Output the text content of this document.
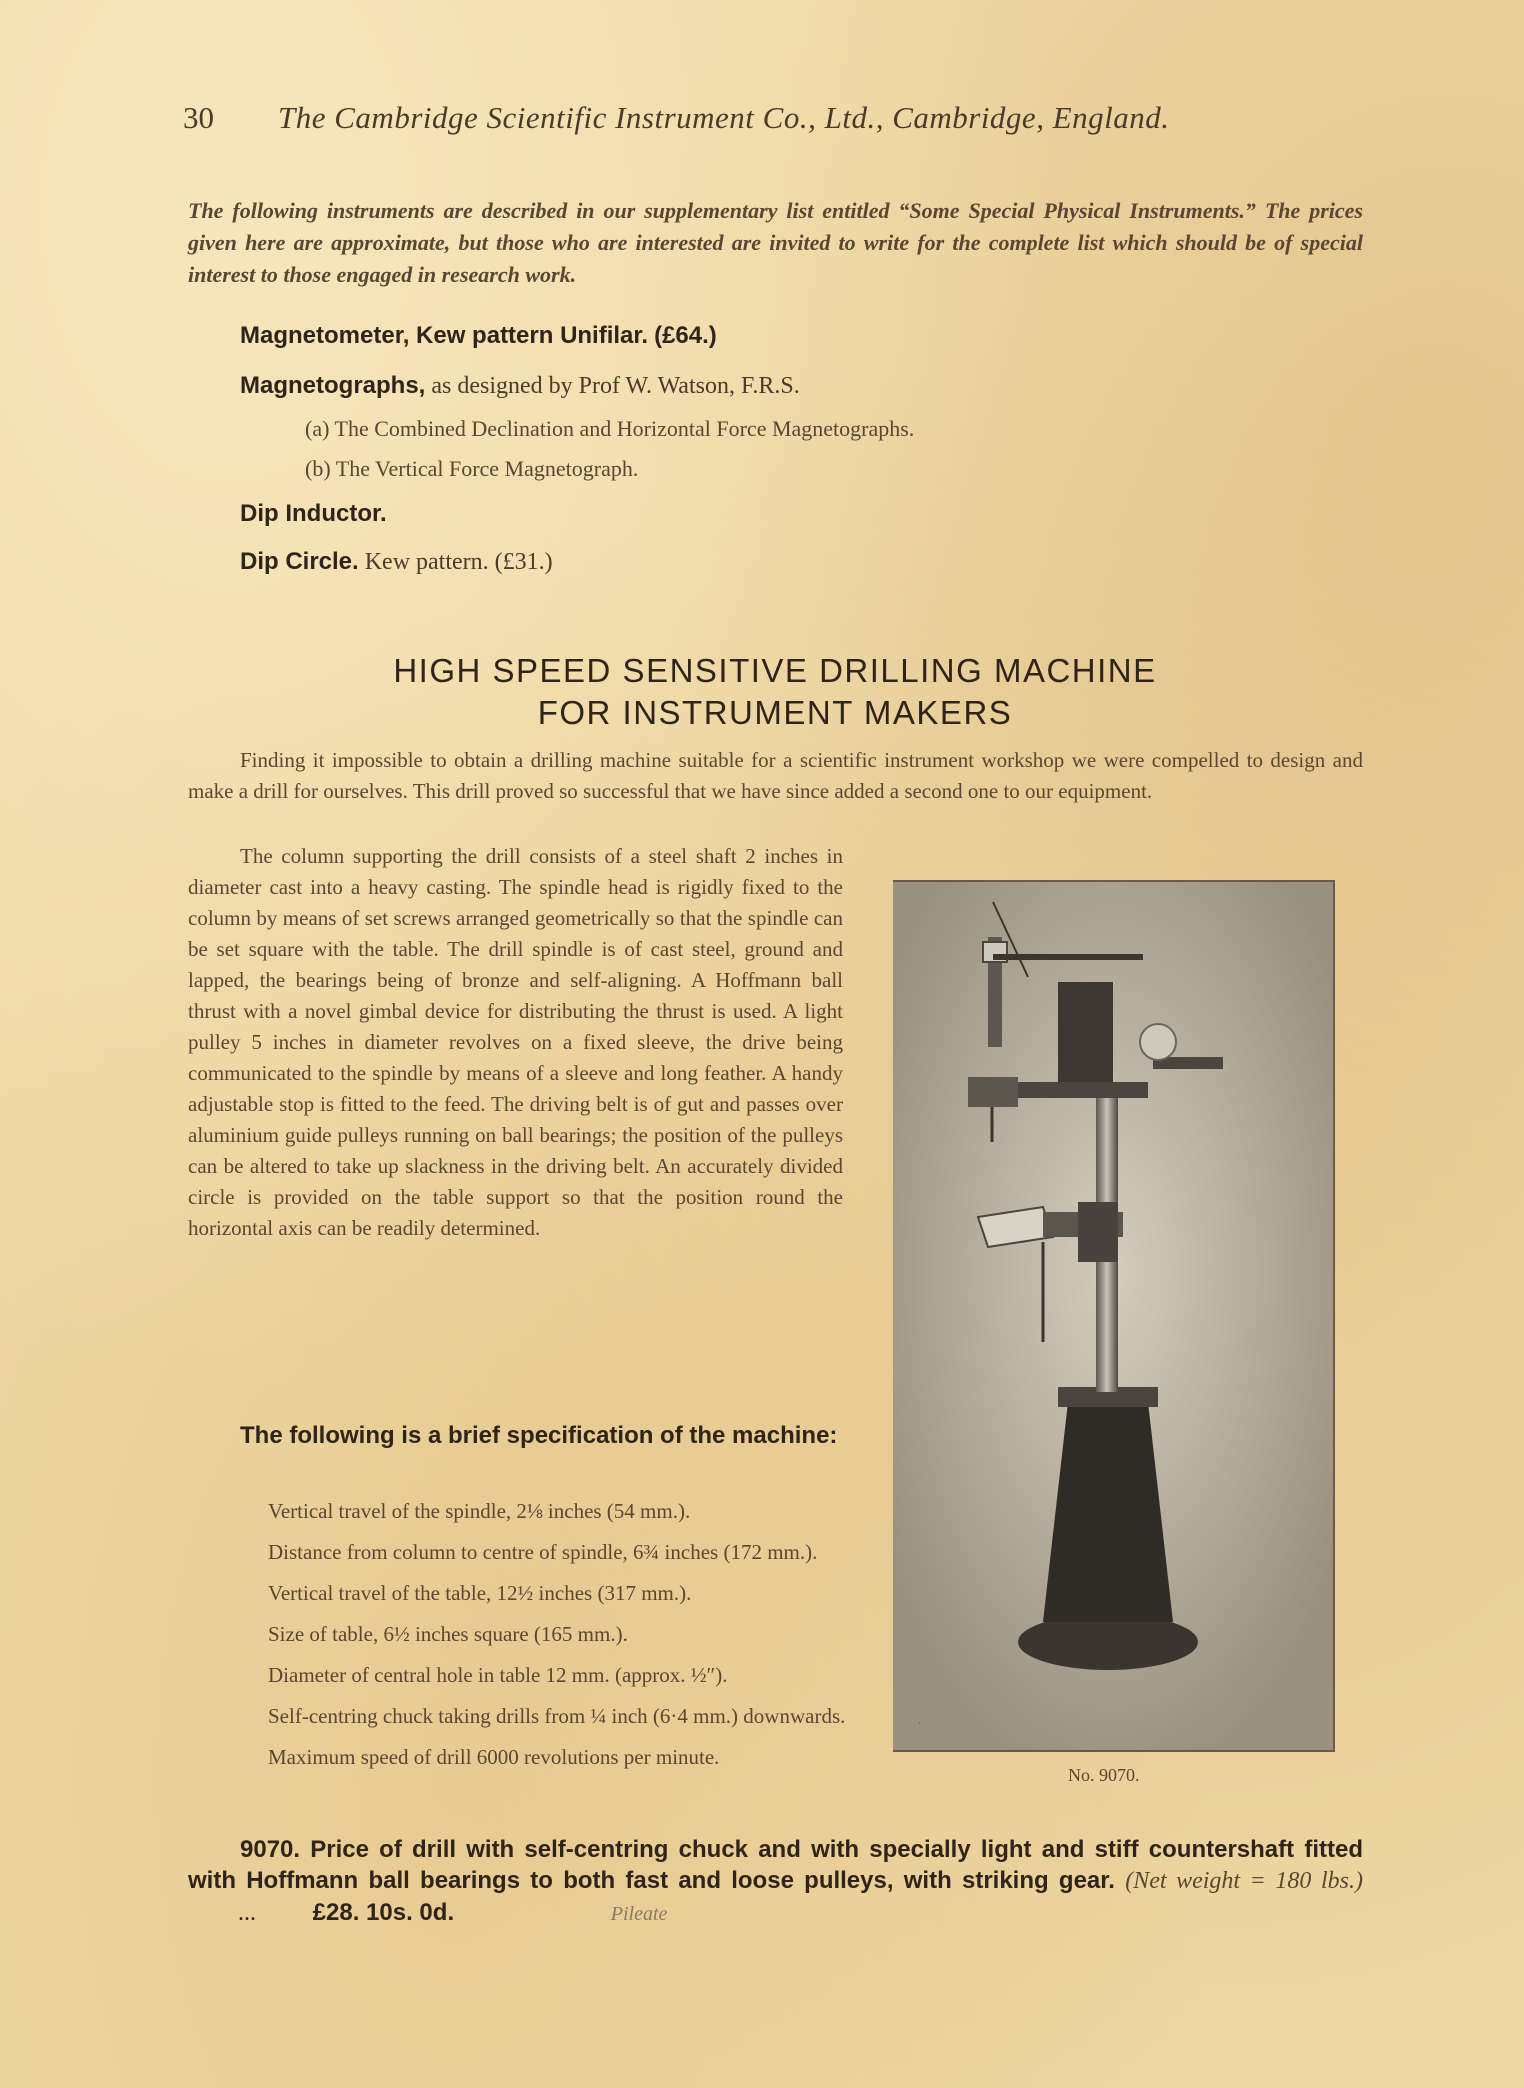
30 The Cambridge Scientific Instrument Co., Ltd., Cambridge, England.
The following instruments are described in our supplementary list entitled “Some Special Physical Instruments.” The prices given here are approximate, but those who are interested are invited to write for the complete list which should be of special interest to those engaged in research work.
Magnetometer, Kew pattern Unifilar. (£64.)
Magnetographs, as designed by Prof W. Watson, F.R.S.
(a) The Combined Declination and Horizontal Force Magnetographs.
(b) The Vertical Force Magnetograph.
Dip Inductor.
Dip Circle. Kew pattern. (£31.)
HIGH SPEED SENSITIVE DRILLING MACHINE
FOR INSTRUMENT MAKERS
Finding it impossible to obtain a drilling machine suitable for a scientific instrument workshop we were compelled to design and make a drill for ourselves. This drill proved so successful that we have since added a second one to our equipment.
The column supporting the drill consists of a steel shaft 2 inches in diameter cast into a heavy casting. The spindle head is rigidly fixed to the column by means of set screws arranged geometrically so that the spindle can be set square with the table. The drill spindle is of cast steel, ground and lapped, the bearings being of bronze and self-aligning. A Hoffmann ball thrust with a novel gimbal device for distributing the thrust is used. A light pulley 5 inches in diameter revolves on a fixed sleeve, the drive being communicated to the spindle by means of a sleeve and long feather. A handy adjustable stop is fitted to the feed. The driving belt is of gut and passes over aluminium guide pulleys running on ball bearings; the position of the pulleys can be altered to take up slackness in the driving belt. An accurately divided circle is provided on the table support so that the position round the horizontal axis can be readily determined.
The following is a brief specification of the machine:
Vertical travel of the spindle, 2⅛ inches (54 mm.).
Distance from column to centre of spindle, 6¾ inches (172 mm.).
Vertical travel of the table, 12½ inches (317 mm.).
Size of table, 6½ inches square (165 mm.).
Diameter of central hole in table 12 mm. (approx. ½″).
Self-centring chuck taking drills from ¼ inch (6·4 mm.) downwards.
Maximum speed of drill 6000 revolutions per minute.
.
No. 9070.
9070. Price of drill with self-centring chuck and with specially light and stiff countershaft fitted with Hoffmann ball bearings to both fast and loose pulleys, with striking gear. (Net weight = 180 lbs.) ... £28. 10s. 0d.	Pileate
